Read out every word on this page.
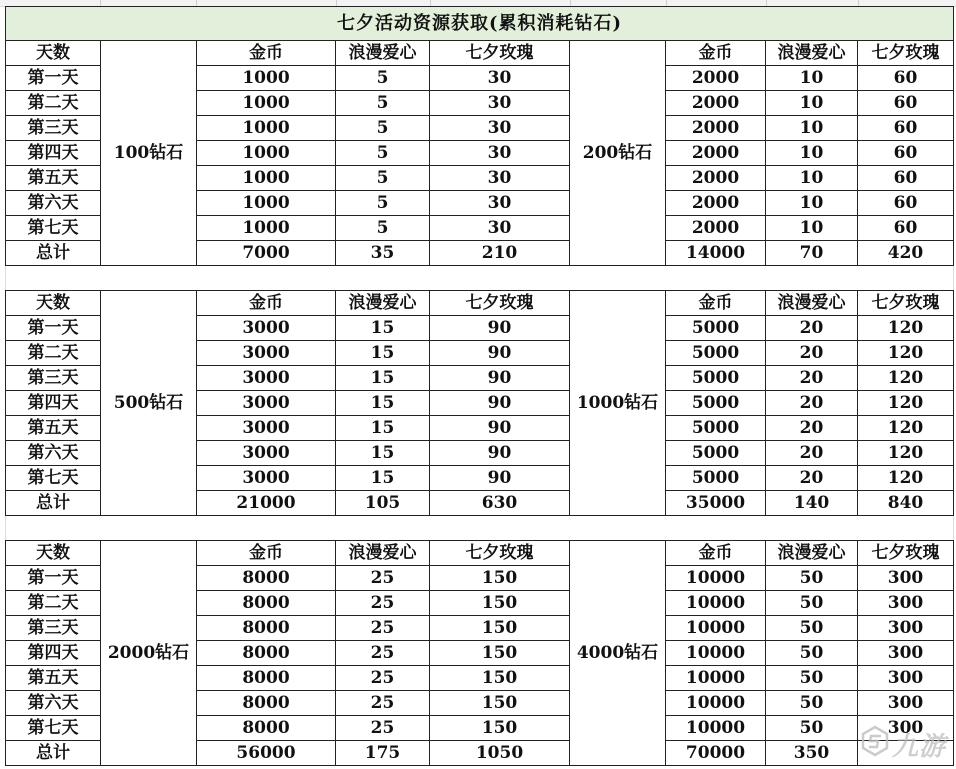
七夕活动资源获取(累积消耗钻石)								
天数	100钻石	金币	浪漫爱心	七夕玫瑰	200钻石	金币	浪漫爱心	七夕玫瑰
第一天		1000	5	30		2000	10	60
第二天		1000	5	30		2000	10	60
第三天		1000	5	30		2000	10	60
第四天		1000	5	30		2000	10	60
第五天		1000	5	30		2000	10	60
第六天		1000	5	30		2000	10	60
第七天		1000	5	30		2000	10	60
总计		7000	35	210		14000	70	420

天数	500钻石	金币	浪漫爱心	七夕玫瑰	1000钻石	金币	浪漫爱心	七夕玫瑰
第一天		3000	15	90		5000	20	120
第二天		3000	15	90		5000	20	120
第三天		3000	15	90		5000	20	120
第四天		3000	15	90		5000	20	120
第五天		3000	15	90		5000	20	120
第六天		3000	15	90		5000	20	120
第七天		3000	15	90		5000	20	120
总计		21000	105	630		35000	140	840

天数	2000钻石	金币	浪漫爱心	七夕玫瑰	4000钻石	金币	浪漫爱心	七夕玫瑰
第一天		8000	25	150		10000	50	300
第二天		8000	25	150		10000	50	300
第三天		8000	25	150		10000	50	300
第四天		8000	25	150		10000	50	300
第五天		8000	25	150		10000	50	300
第六天		8000	25	150		10000	50	300
第七天		8000	25	150		10000	50	300
总计		56000	175	1050		70000	350	九游
